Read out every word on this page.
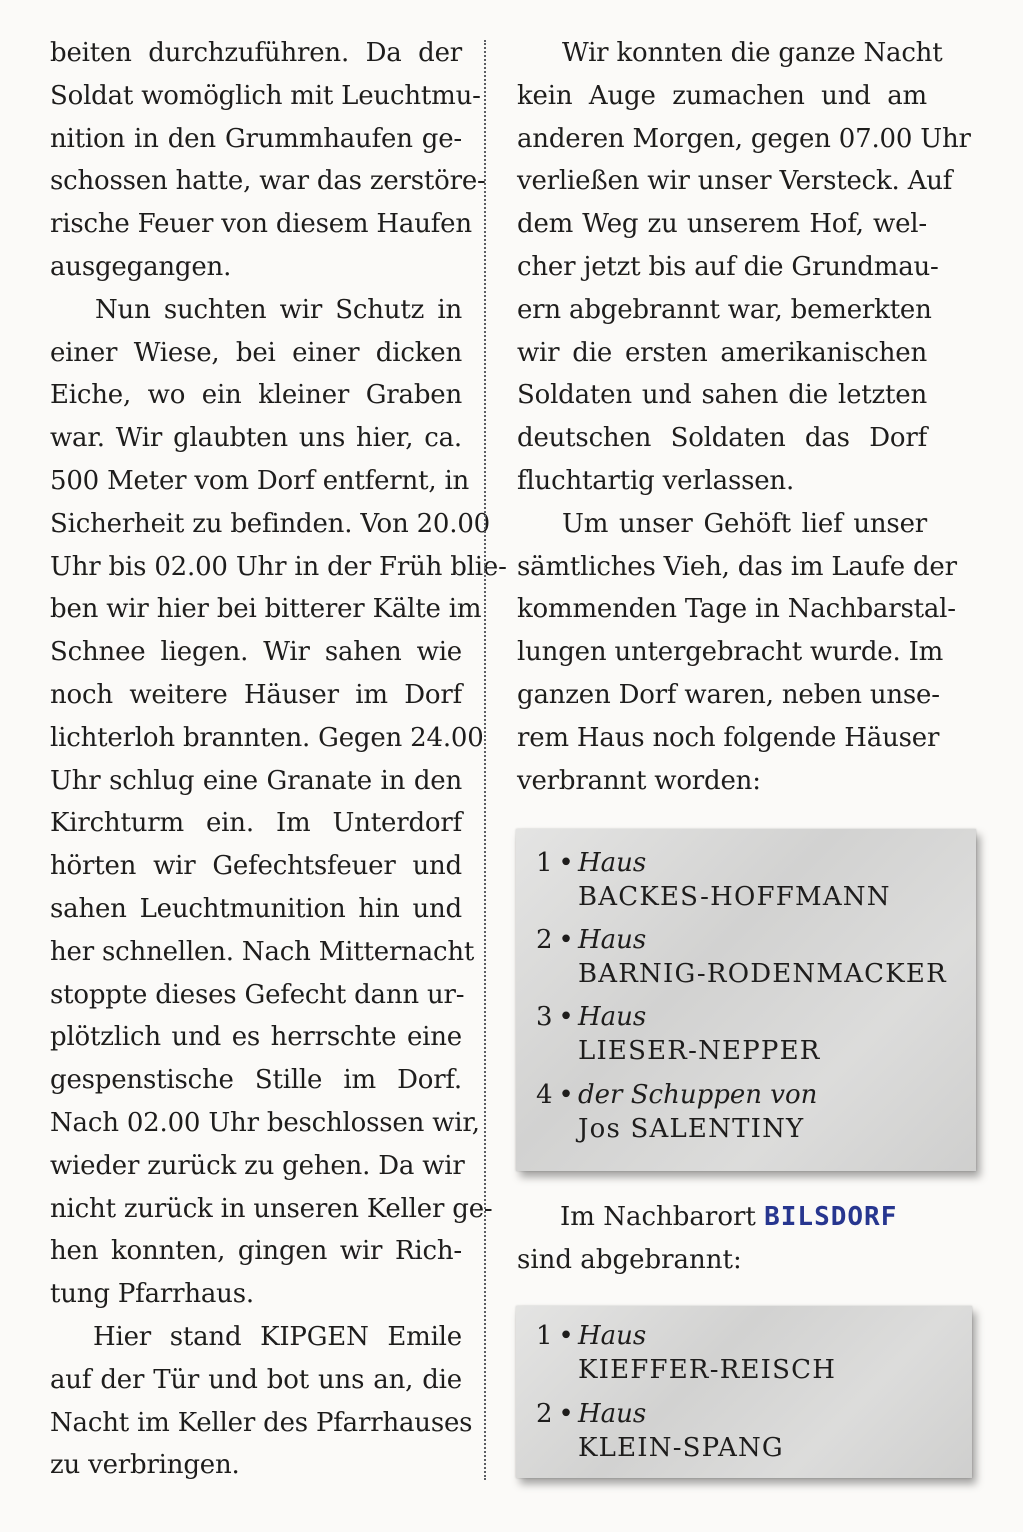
beiten durchzuführen. Da der
Soldat womöglich mit Leuchtmu-
nition in den Grummhaufen ge-
schossen hatte, war das zerstöre-
rische Feuer von diesem Haufen
ausgegangen.

Nun suchten wir Schutz in
einer Wiese, bei einer dicken
Eiche, wo ein kleiner Graben
war. Wir glaubten uns hier, ca.
500 Meter vom Dorf entfernt, in
Sicherheit zu befinden. Von 20.00
Uhr bis 02.00 Uhr in der Früh blie-
ben wir hier bei bitterer Kälte im
Schnee liegen. Wir sahen wie
noch weitere Häuser im Dorf
lichterloh brannten. Gegen 24.00
Uhr schlug eine Granate in den
Kirchturm ein. Im Unterdorf
hörten wir Gefechtsfeuer und
sahen Leuchtmunition hin und
her schnellen. Nach Mitternacht
stoppte dieses Gefecht dann ur-
plötzlich und es herrschte eine
gespenstische Stille im Dorf.
Nach 02.00 Uhr beschlossen wir,
wieder zurück zu gehen. Da wir
nicht zurück in unseren Keller ge-
hen konnten, gingen wir Rich-
tung Pfarrhaus.

Hier stand KIPGEN Emile
auf der Tür und bot uns an, die
Nacht im Keller des Pfarrhauses
zu verbringen.

Wir konnten die ganze Nacht
kein Auge zumachen und am
anderen Morgen, gegen 07.00 Uhr
verließen wir unser Versteck. Auf
dem Weg zu unserem Hof, wel-
cher jetzt bis auf die Grundmau-
ern abgebrannt war, bemerkten
wir die ersten amerikanischen
Soldaten und sahen die letzten
deutschen Soldaten das Dorf
fluchtartig verlassen.

Um unser Gehöft lief unser
sämtliches Vieh, das im Laufe der
kommenden Tage in Nachbarstal-
lungen untergebracht wurde. Im
ganzen Dorf waren, neben unse-
rem Haus noch folgende Häuser
verbrannt worden:

1 • Haus
BACKES-HOFFMANN
2 • Haus
BARNIG-RODENMACKER
3 • Haus
LIESER-NEPPER
4 • der Schuppen von
Jos SALENTINY
Im Nachbarort BILSDORF
sind abgebrannt:
1 • Haus
KIEFFER-REISCH
2 • Haus
KLEIN-SPANG
